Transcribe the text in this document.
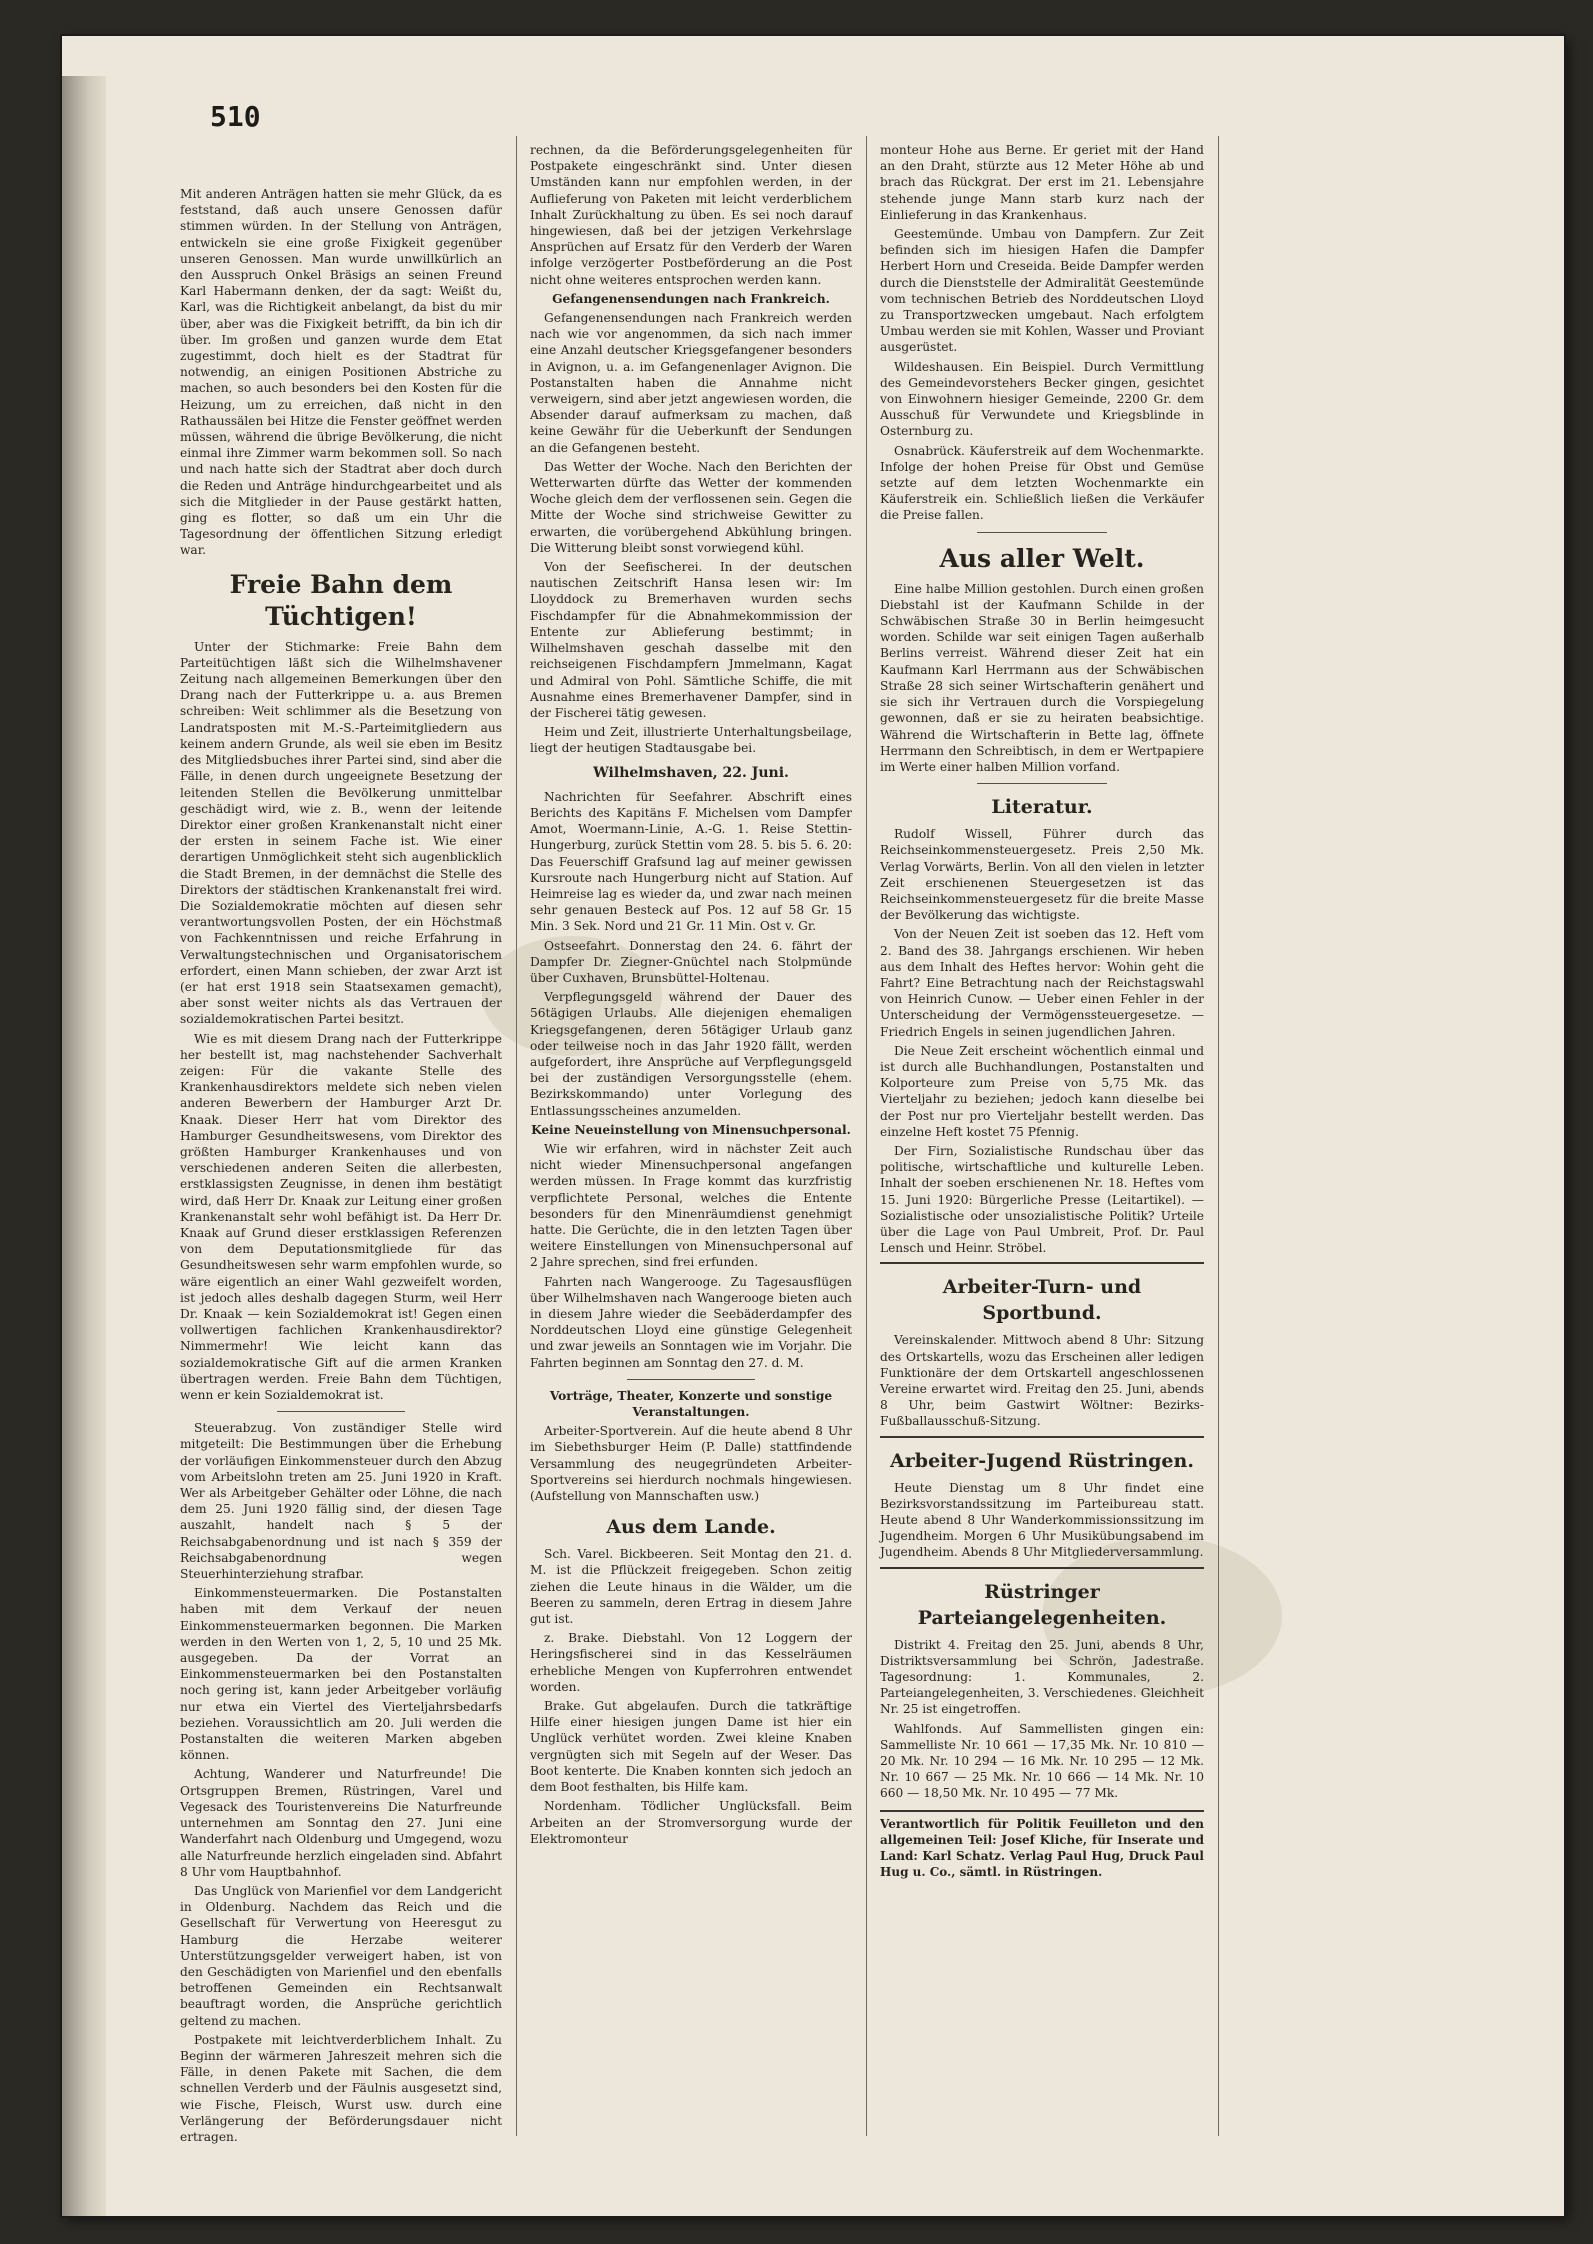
510

Mit anderen Anträgen hatten sie mehr Glück, da es feststand, daß auch unsere Genossen dafür stimmen würden. In der Stellung von Anträgen, entwickeln sie eine große Fixigkeit gegenüber unseren Genossen. Man wurde unwillkürlich an den Ausspruch Onkel Bräsigs an seinen Freund Karl Habermann denken, der da sagt: Weißt du, Karl, was die Richtigkeit anbelangt, da bist du mir über, aber was die Fixigkeit betrifft, da bin ich dir über. Im großen und ganzen wurde dem Etat zugestimmt, doch hielt es der Stadtrat für notwendig, an einigen Positionen Abstriche zu machen, so auch besonders bei den Kosten für die Heizung, um zu erreichen, daß nicht in den Rathaussälen bei Hitze die Fenster geöffnet werden müssen, während die übrige Bevölkerung, die nicht einmal ihre Zimmer warm bekommen soll. So nach und nach hatte sich der Stadtrat aber doch durch die Reden und Anträge hindurchgearbeitet und als sich die Mitglieder in der Pause gestärkt hatten, ging es flotter, so daß um ein Uhr die Tagesordnung der öffentlichen Sitzung erledigt war.

Freie Bahn dem Tüchtigen!

Unter der Stichmarke: Freie Bahn dem Parteitüchtigen läßt sich die Wilhelmshavener Zeitung nach allgemeinen Bemerkungen über den Drang nach der Futterkrippe u. a. aus Bremen schreiben: Weit schlimmer als die Besetzung von Landratsposten mit M.-S.-Parteimitgliedern aus keinem andern Grunde, als weil sie eben im Besitz des Mitgliedsbuches ihrer Partei sind, sind aber die Fälle, in denen durch ungeeignete Besetzung der leitenden Stellen die Bevölkerung unmittelbar geschädigt wird, wie z. B., wenn der leitende Direktor einer großen Krankenanstalt nicht einer der ersten in seinem Fache ist. Wie einer derartigen Unmöglichkeit steht sich augenblicklich die Stadt Bremen, in der demnächst die Stelle des Direktors der städtischen Krankenanstalt frei wird. Die Sozialdemokratie möchten auf diesen sehr verantwortungsvollen Posten, der ein Höchstmaß von Fachkenntnissen und reiche Erfahrung in Verwaltungstechnischen und Organisatorischem erfordert, einen Mann schieben, der zwar Arzt ist (er hat erst 1918 sein Staatsexamen gemacht), aber sonst weiter nichts als das Vertrauen der sozialdemokratischen Partei besitzt.

Wie es mit diesem Drang nach der Futterkrippe her bestellt ist, mag nachstehender Sachverhalt zeigen: Für die vakante Stelle des Krankenhausdirektors meldete sich neben vielen anderen Bewerbern der Hamburger Arzt Dr. Knaak. Dieser Herr hat vom Direktor des Hamburger Gesundheitswesens, vom Direktor des größten Hamburger Krankenhauses und von verschiedenen anderen Seiten die allerbesten, erstklassigsten Zeugnisse, in denen ihm bestätigt wird, daß Herr Dr. Knaak zur Leitung einer großen Krankenanstalt sehr wohl befähigt ist. Da Herr Dr. Knaak auf Grund dieser erstklassigen Referenzen von dem Deputationsmitgliede für das Gesundheitswesen sehr warm empfohlen wurde, so wäre eigentlich an einer Wahl gezweifelt worden, ist jedoch alles deshalb dagegen Sturm, weil Herr Dr. Knaak — kein Sozialdemokrat ist! Gegen einen vollwertigen fachlichen Krankenhausdirektor? Nimmermehr! Wie leicht kann das sozialdemokratische Gift auf die armen Kranken übertragen werden. Freie Bahn dem Tüchtigen, wenn er kein Sozialdemokrat ist.

Steuerabzug. Von zuständiger Stelle wird mitgeteilt: Die Bestimmungen über die Erhebung der vorläufigen Einkommensteuer durch den Abzug vom Arbeitslohn treten am 25. Juni 1920 in Kraft. Wer als Arbeitgeber Gehälter oder Löhne, die nach dem 25. Juni 1920 fällig sind, der diesen Tage auszahlt, handelt nach § 5 der Reichsabgabenordnung und ist nach § 359 der Reichsabgabenordnung wegen Steuerhinterziehung strafbar.

Einkommensteuermarken. Die Postanstalten haben mit dem Verkauf der neuen Einkommensteuermarken begonnen. Die Marken werden in den Werten von 1, 2, 5, 10 und 25 Mk. ausgegeben. Da der Vorrat an Einkommensteuermarken bei den Postanstalten noch gering ist, kann jeder Arbeitgeber vorläufig nur etwa ein Viertel des Vierteljahrsbedarfs beziehen. Voraussichtlich am 20. Juli werden die Postanstalten die weiteren Marken abgeben können.

Achtung, Wanderer und Naturfreunde! Die Ortsgruppen Bremen, Rüstringen, Varel und Vegesack des Touristenvereins Die Naturfreunde unternehmen am Sonntag den 27. Juni eine Wanderfahrt nach Oldenburg und Umgegend, wozu alle Naturfreunde herzlich eingeladen sind. Abfahrt 8 Uhr vom Hauptbahnhof.

Das Unglück von Marienfiel vor dem Landgericht in Oldenburg. Nachdem das Reich und die Gesellschaft für Verwertung von Heeresgut zu Hamburg die Herzabe weiterer Unterstützungsgelder verweigert haben, ist von den Geschädigten von Marienfiel und den ebenfalls betroffenen Gemeinden ein Rechtsanwalt beauftragt worden, die Ansprüche gerichtlich geltend zu machen.

Postpakete mit leichtverderblichem Inhalt. Zu Beginn der wärmeren Jahreszeit mehren sich die Fälle, in denen Pakete mit Sachen, die dem schnellen Verderb und der Fäulnis ausgesetzt sind, wie Fische, Fleisch, Wurst usw. durch eine Verlängerung der Beförderungsdauer nicht ertragen.

rechnen, da die Beförderungsgelegenheiten für Postpakete eingeschränkt sind. Unter diesen Umständen kann nur empfohlen werden, in der Auflieferung von Paketen mit leicht verderblichem Inhalt Zurückhaltung zu üben. Es sei noch darauf hingewiesen, daß bei der jetzigen Verkehrslage Ansprüchen auf Ersatz für den Verderb der Waren infolge verzögerter Postbeförderung an die Post nicht ohne weiteres entsprochen werden kann.

Gefangenensendungen nach Frankreich.

Gefangenensendungen nach Frankreich werden nach wie vor angenommen, da sich nach immer eine Anzahl deutscher Kriegsgefangener besonders in Avignon, u. a. im Gefangenenlager Avignon. Die Postanstalten haben die Annahme nicht verweigern, sind aber jetzt angewiesen worden, die Absender darauf aufmerksam zu machen, daß keine Gewähr für die Ueberkunft der Sendungen an die Gefangenen besteht.

Das Wetter der Woche. Nach den Berichten der Wetterwarten dürfte das Wetter der kommenden Woche gleich dem der verflossenen sein. Gegen die Mitte der Woche sind strichweise Gewitter zu erwarten, die vorübergehend Abkühlung bringen. Die Witterung bleibt sonst vorwiegend kühl.

Von der Seefischerei. In der deutschen nautischen Zeitschrift Hansa lesen wir: Im Lloyddock zu Bremerhaven wurden sechs Fischdampfer für die Abnahmekommission der Entente zur Ablieferung bestimmt; in Wilhelmshaven geschah dasselbe mit den reichseigenen Fischdampfern Jmmelmann, Kagat und Admiral von Pohl. Sämtliche Schiffe, die mit Ausnahme eines Bremerhavener Dampfer, sind in der Fischerei tätig gewesen.

Heim und Zeit, illustrierte Unterhaltungsbeilage, liegt der heutigen Stadtausgabe bei.

Wilhelmshaven, 22. Juni.

Nachrichten für Seefahrer. Abschrift eines Berichts des Kapitäns F. Michelsen vom Dampfer Amot, Woermann-Linie, A.-G. 1. Reise Stettin-Hungerburg, zurück Stettin vom 28. 5. bis 5. 6. 20: Das Feuerschiff Grafsund lag auf meiner gewissen Kursroute nach Hungerburg nicht auf Station. Auf Heimreise lag es wieder da, und zwar nach meinen sehr genauen Besteck auf Pos. 12 auf 58 Gr. 15 Min. 3 Sek. Nord und 21 Gr. 11 Min. Ost v. Gr.

Ostseefahrt. Donnerstag den 24. 6. fährt der Dampfer Dr. Ziegner-Gnüchtel nach Stolpmünde über Cuxhaven, Brunsbüttel-Holtenau.

Verpflegungsgeld während der Dauer des 56tägigen Urlaubs. Alle diejenigen ehemaligen Kriegsgefangenen, deren 56tägiger Urlaub ganz oder teilweise noch in das Jahr 1920 fällt, werden aufgefordert, ihre Ansprüche auf Verpflegungsgeld bei der zuständigen Versorgungsstelle (ehem. Bezirkskommando) unter Vorlegung des Entlassungsscheines anzumelden.

Keine Neueinstellung von Minensuchpersonal.

Wie wir erfahren, wird in nächster Zeit auch nicht wieder Minensuchpersonal angefangen werden müssen. In Frage kommt das kurzfristig verpflichtete Personal, welches die Entente besonders für den Minenräumdienst genehmigt hatte. Die Gerüchte, die in den letzten Tagen über weitere Einstellungen von Minensuchpersonal auf 2 Jahre sprechen, sind frei erfunden.

Fahrten nach Wangerooge. Zu Tagesausflügen über Wilhelmshaven nach Wangerooge bieten auch in diesem Jahre wieder die Seebäderdampfer des Norddeutschen Lloyd eine günstige Gelegenheit und zwar jeweils an Sonntagen wie im Vorjahr. Die Fahrten beginnen am Sonntag den 27. d. M.

Vorträge, Theater, Konzerte und sonstige Veranstaltungen.

Arbeiter-Sportverein. Auf die heute abend 8 Uhr im Siebethsburger Heim (P. Dalle) stattfindende Versammlung des neugegründeten Arbeiter-Sportvereins sei hierdurch nochmals hingewiesen. (Aufstellung von Mannschaften usw.)

Aus dem Lande.

Sch. Varel. Bickbeeren. Seit Montag den 21. d. M. ist die Pflückzeit freigegeben. Schon zeitig ziehen die Leute hinaus in die Wälder, um die Beeren zu sammeln, deren Ertrag in diesem Jahre gut ist.

z. Brake. Diebstahl. Von 12 Loggern der Heringsfischerei sind in das Kesselräumen erhebliche Mengen von Kupferrohren entwendet worden.

Brake. Gut abgelaufen. Durch die tatkräftige Hilfe einer hiesigen jungen Dame ist hier ein Unglück verhütet worden. Zwei kleine Knaben vergnügten sich mit Segeln auf der Weser. Das Boot kenterte. Die Knaben konnten sich jedoch an dem Boot festhalten, bis Hilfe kam.

Nordenham. Tödlicher Unglücksfall. Beim Arbeiten an der Stromversorgung wurde der Elektromonteur

monteur Hohe aus Berne. Er geriet mit der Hand an den Draht, stürzte aus 12 Meter Höhe ab und brach das Rückgrat. Der erst im 21. Lebensjahre stehende junge Mann starb kurz nach der Einlieferung in das Krankenhaus.

Geestemünde. Umbau von Dampfern. Zur Zeit befinden sich im hiesigen Hafen die Dampfer Herbert Horn und Creseida. Beide Dampfer werden durch die Dienststelle der Admiralität Geestemünde vom technischen Betrieb des Norddeutschen Lloyd zu Transportzwecken umgebaut. Nach erfolgtem Umbau werden sie mit Kohlen, Wasser und Proviant ausgerüstet.

Wildeshausen. Ein Beispiel. Durch Vermittlung des Gemeindevorstehers Becker gingen, gesichtet von Einwohnern hiesiger Gemeinde, 2200 Gr. dem Ausschuß für Verwundete und Kriegsblinde in Osternburg zu.

Osnabrück. Käuferstreik auf dem Wochenmarkte. Infolge der hohen Preise für Obst und Gemüse setzte auf dem letzten Wochenmarkte ein Käuferstreik ein. Schließlich ließen die Verkäufer die Preise fallen.

Aus aller Welt.

Eine halbe Million gestohlen. Durch einen großen Diebstahl ist der Kaufmann Schilde in der Schwäbischen Straße 30 in Berlin heimgesucht worden. Schilde war seit einigen Tagen außerhalb Berlins verreist. Während dieser Zeit hat ein Kaufmann Karl Herrmann aus der Schwäbischen Straße 28 sich seiner Wirtschafterin genähert und sie sich ihr Vertrauen durch die Vorspiegelung gewonnen, daß er sie zu heiraten beabsichtige. Während die Wirtschafterin in Bette lag, öffnete Herrmann den Schreibtisch, in dem er Wertpapiere im Werte einer halben Million vorfand.

Literatur.

Rudolf Wissell, Führer durch das Reichseinkommensteuergesetz. Preis 2,50 Mk. Verlag Vorwärts, Berlin. Von all den vielen in letzter Zeit erschienenen Steuergesetzen ist das Reichseinkommensteuergesetz für die breite Masse der Bevölkerung das wichtigste.

Von der Neuen Zeit ist soeben das 12. Heft vom 2. Band des 38. Jahrgangs erschienen. Wir heben aus dem Inhalt des Heftes hervor: Wohin geht die Fahrt? Eine Betrachtung nach der Reichstagswahl von Heinrich Cunow. — Ueber einen Fehler in der Unterscheidung der Vermögenssteuergesetze. — Friedrich Engels in seinen jugendlichen Jahren.

Die Neue Zeit erscheint wöchentlich einmal und ist durch alle Buchhandlungen, Postanstalten und Kolporteure zum Preise von 5,75 Mk. das Vierteljahr zu beziehen; jedoch kann dieselbe bei der Post nur pro Vierteljahr bestellt werden. Das einzelne Heft kostet 75 Pfennig.

Der Firn, Sozialistische Rundschau über das politische, wirtschaftliche und kulturelle Leben. Inhalt der soeben erschienenen Nr. 18. Heftes vom 15. Juni 1920: Bürgerliche Presse (Leitartikel). — Sozialistische oder unsozialistische Politik? Urteile über die Lage von Paul Umbreit, Prof. Dr. Paul Lensch und Heinr. Ströbel.

Arbeiter-Turn- und Sportbund.

Vereinskalender. Mittwoch abend 8 Uhr: Sitzung des Ortskartells, wozu das Erscheinen aller ledigen Funktionäre der dem Ortskartell angeschlossenen Vereine erwartet wird. Freitag den 25. Juni, abends 8 Uhr, beim Gastwirt Wöltner: Bezirks-Fußballausschuß-Sitzung.

Arbeiter-Jugend Rüstringen.

Heute Dienstag um 8 Uhr findet eine Bezirksvorstandssitzung im Parteibureau statt. Heute abend 8 Uhr Wanderkommissionssitzung im Jugendheim. Morgen 6 Uhr Musikübungsabend im Jugendheim. Abends 8 Uhr Mitgliederversammlung.

Rüstringer Parteiangelegenheiten.

Distrikt 4. Freitag den 25. Juni, abends 8 Uhr, Distriktsversammlung bei Schrön, Jadestraße. Tagesordnung: 1. Kommunales, 2. Parteiangelegenheiten, 3. Verschiedenes. Gleichheit Nr. 25 ist eingetroffen.

Wahlfonds. Auf Sammellisten gingen ein: Sammelliste Nr. 10 661 — 17,35 Mk. Nr. 10 810 — 20 Mk. Nr. 10 294 — 16 Mk. Nr. 10 295 — 12 Mk. Nr. 10 667 — 25 Mk. Nr. 10 666 — 14 Mk. Nr. 10 660 — 18,50 Mk. Nr. 10 495 — 77 Mk.

Verantwortlich für Politik Feuilleton und den allgemeinen Teil: Josef Kliche, für Inserate und Land: Karl Schatz. Verlag Paul Hug, Druck Paul Hug u. Co., sämtl. in Rüstringen.
